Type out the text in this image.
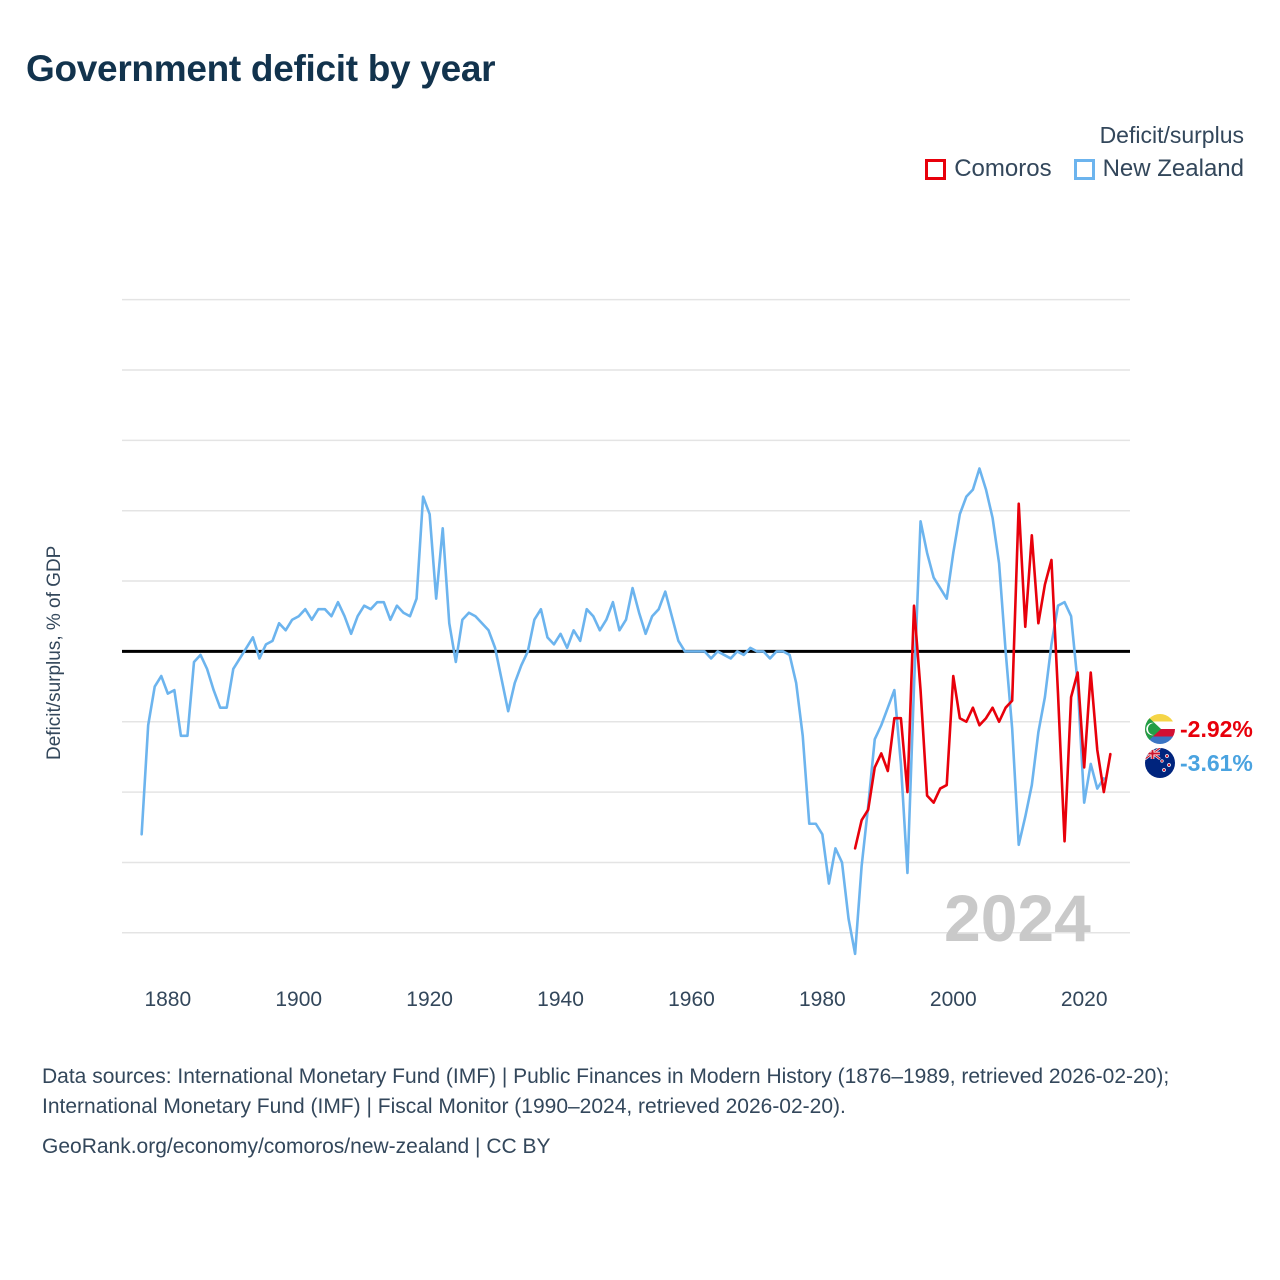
Government deficit by year
Deficit/surplus
Comoros New Zealand
Deficit/surplus, % of GDP
1880	1900	1920	1940	1960	1980	2000	2020
2024
-2.92%
-3.61%
Data sources: International Monetary Fund (IMF) | Public Finances in Modern History (1876–1989, retrieved 2026-02-20); International Monetary Fund (IMF) | Fiscal Monitor (1990–2024, retrieved 2026-02-20).
GeoRank.org/economy/comoros/new-zealand | CC BY
